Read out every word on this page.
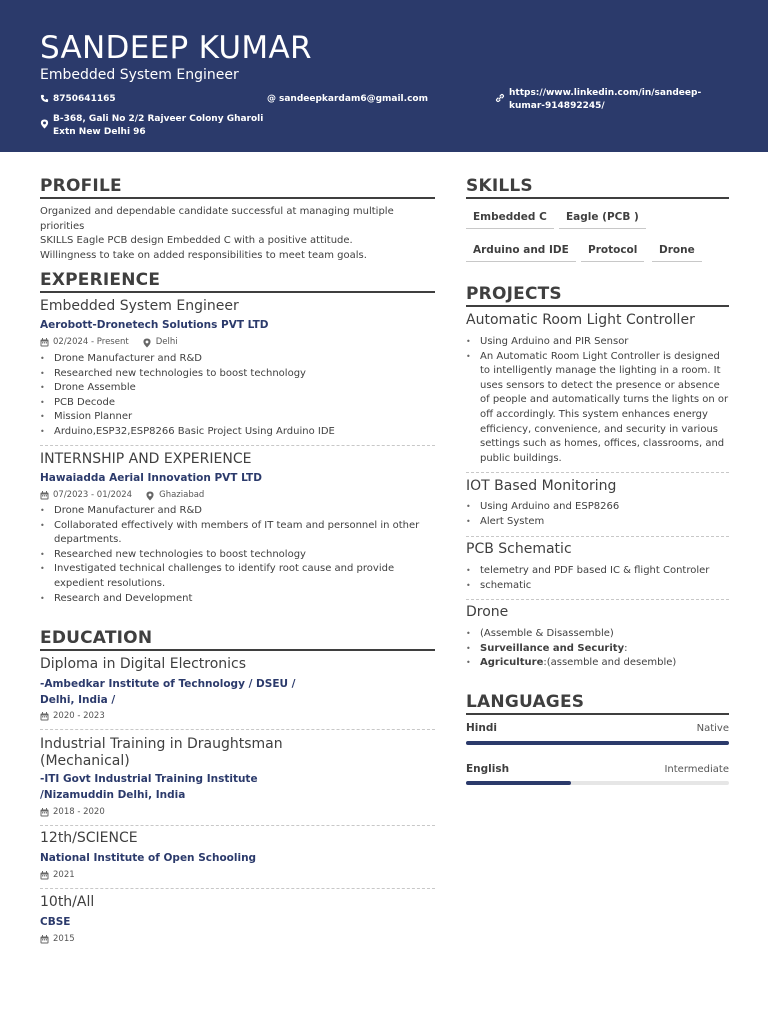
SANDEEP KUMAR
Embedded System Engineer
8750641165	@ sandeepkardam6@gmail.com
https://www.linkedin.com/in/sandeep-
kumar-914892245/
B-368, Gali No 2/2 Rajveer Colony Gharoli
Extn New Delhi 96
PROFILE
Organized and dependable candidate successful at managing multiple priorities
SKILLS Eagle PCB design Embedded C with a positive attitude.
Willingness to take on added responsibilities to meet team goals.
EXPERIENCE
Embedded System Engineer
Aerobott-Dronetech Solutions PVT LTD
02/2024 - Present	Delhi
• Drone Manufacturer and R&D
• Researched new technologies to boost technology
• Drone Assemble
• PCB Decode
• Mission Planner
• Arduino,ESP32,ESP8266 Basic Project Using Arduino IDE
INTERNSHIP AND EXPERIENCE
Hawaiadda Aerial Innovation PVT LTD
07/2023 - 01/2024	Ghaziabad
• Drone Manufacturer and R&D
• Collaborated effectively with members of IT team and personnel in other departments.
• Researched new technologies to boost technology
• Investigated technical challenges to identify root cause and provide expedient resolutions.
• Research and Development
EDUCATION
Diploma in Digital Electronics
-Ambedkar Institute of Technology / DSEU /
Delhi, India /
2020 - 2023
Industrial Training in Draughtsman
(Mechanical)
-ITI Govt Industrial Training Institute
/Nizamuddin Delhi, India
2018 - 2020
12th/SCIENCE
National Institute of Open Schooling
2021
10th/All
CBSE
2015
SKILLS
Embedded C	Eagle (PCB )
Arduino and IDE	Protocol	Drone
PROJECTS
Automatic Room Light Controller
• Using Arduino and PIR Sensor
• An Automatic Room Light Controller is designed to intelligently manage the lighting in a room. It uses sensors to detect the presence or absence of people and automatically turns the lights on or off accordingly. This system enhances energy efficiency, convenience, and security in various settings such as homes, offices, classrooms, and public buildings.
IOT Based Monitoring
• Using Arduino and ESP8266
• Alert System
PCB Schematic
• telemetry and PDF based IC & flight Controler
• schematic
Drone
• (Assemble & Disassemble)
• Surveillance and Security:
• Agriculture:(assemble and desemble)
LANGUAGES
Hindi	Native
English	Intermediate
